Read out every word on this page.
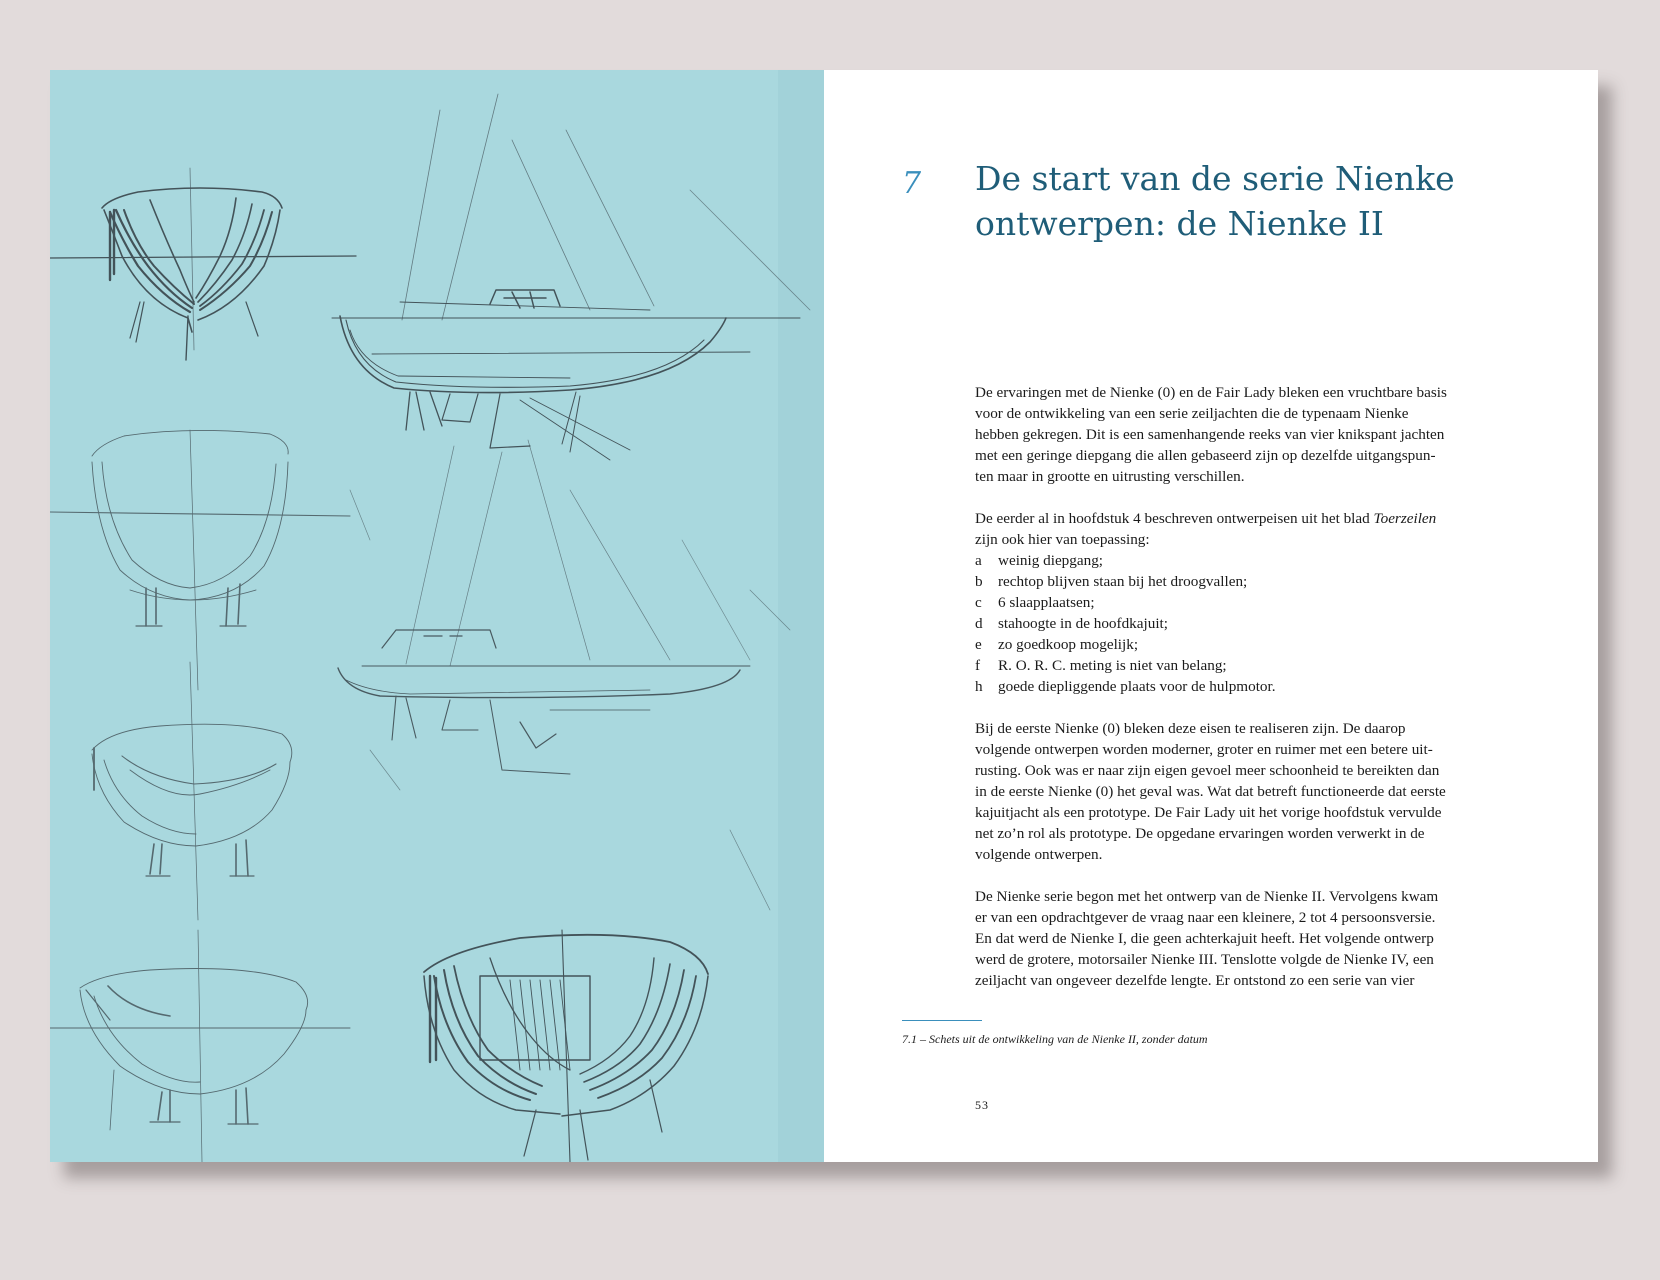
7 De start van de serie Nienke
ontwerpen: de Nienke II

De ervaringen met de Nienke (0) en de Fair Lady bleken een vruchtbare basis
voor de ontwikkeling van een serie zeiljachten die de typenaam Nienke
hebben gekregen. Dit is een samenhangende reeks van vier knikspant jachten
met een geringe diepgang die allen gebaseerd zijn op dezelfde uitgangspun-
ten maar in grootte en uitrusting verschillen.

De eerder al in hoofdstuk 4 beschreven ontwerpeisen uit het blad Toerzeilen
zijn ook hier van toepassing:
a weinig diepgang;
b rechtop blijven staan bij het droogvallen;
c 6 slaapplaatsen;
d stahoogte in de hoofdkajuit;
e zo goedkoop mogelijk;
f R. O. R. C. meting is niet van belang;
h goede diepliggende plaats voor de hulpmotor.

Bij de eerste Nienke (0) bleken deze eisen te realiseren zijn. De daarop
volgende ontwerpen worden moderner, groter en ruimer met een betere uit-
rusting. Ook was er naar zijn eigen gevoel meer schoonheid te bereikten dan
in de eerste Nienke (0) het geval was. Wat dat betreft functioneerde dat eerste
kajuitjacht als een prototype. De Fair Lady uit het vorige hoofdstuk vervulde
net zo’n rol als prototype. De opgedane ervaringen worden verwerkt in de
volgende ontwerpen.

De Nienke serie begon met het ontwerp van de Nienke II. Vervolgens kwam
er van een opdrachtgever de vraag naar een kleinere, 2 tot 4 persoonsversie.
En dat werd de Nienke I, die geen achterkajuit heeft. Het volgende ontwerp
werd de grotere, motorsailer Nienke III. Tenslotte volgde de Nienke IV, een
zeiljacht van ongeveer dezelfde lengte. Er ontstond zo een serie van vier

7.1 – Schets uit de ontwikkeling van de Nienke II, zonder datum
53
